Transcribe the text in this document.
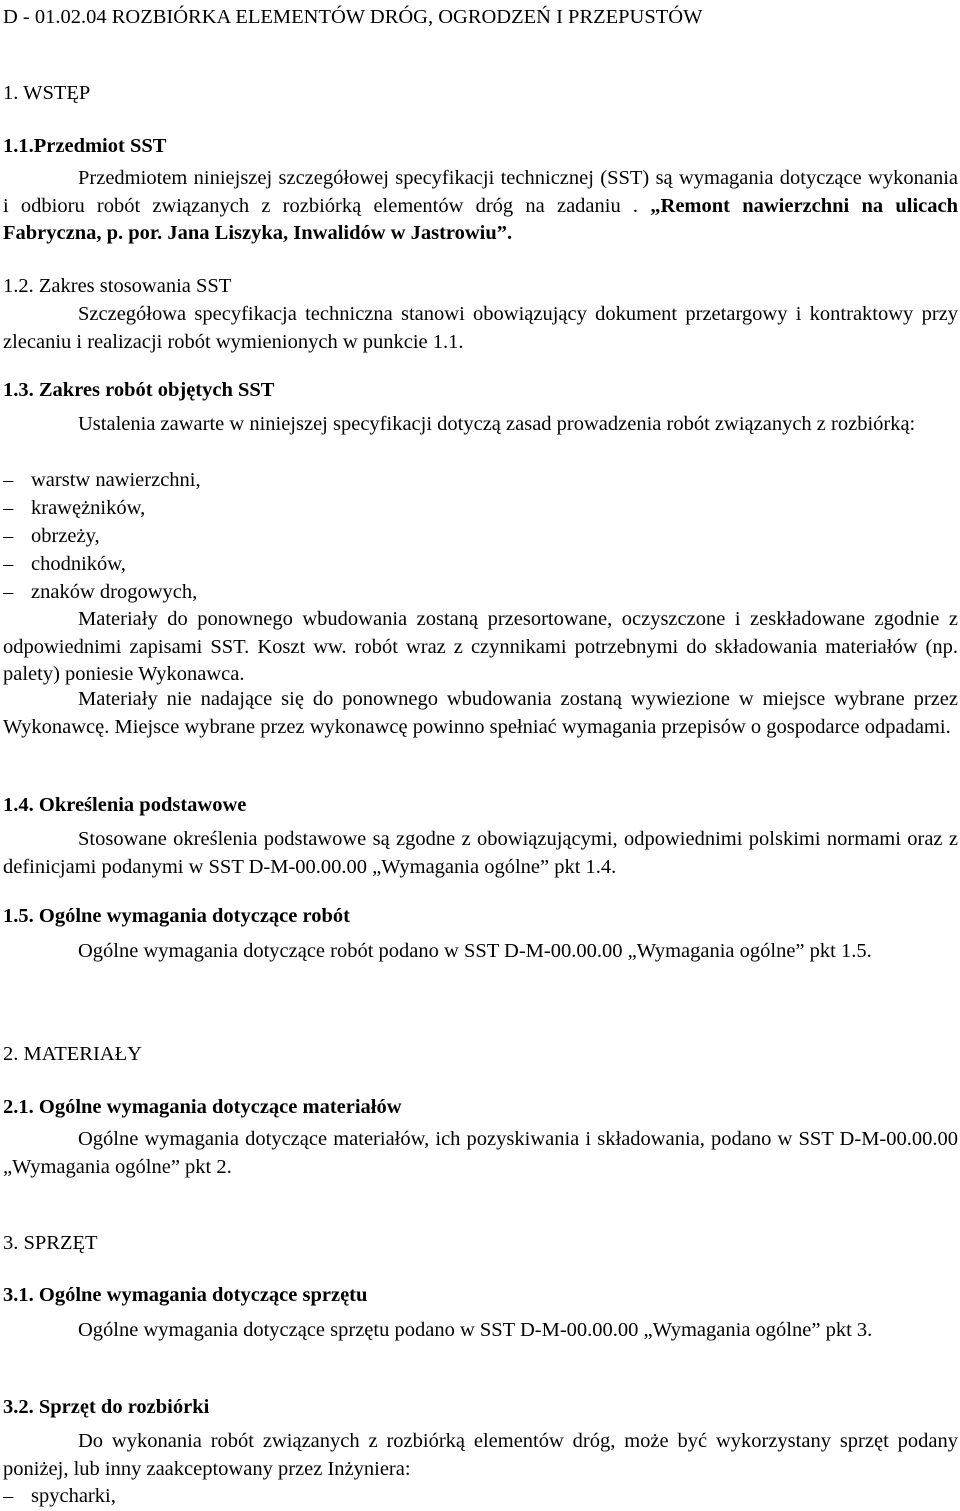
D - 01.02.04 ROZBIÓRKA ELEMENTÓW DRÓG, OGRODZEŃ I PRZEPUSTÓW
1. WSTĘP
1.1.Przedmiot SST
Przedmiotem niniejszej szczegółowej specyfikacji technicznej (SST) są wymagania dotyczące wykonania i odbioru robót związanych z rozbiórką elementów dróg na zadaniu . „Remont nawierzchni na ulicach Fabryczna, p. por. Jana Liszyka, Inwalidów w Jastrowiu”.
1.2. Zakres stosowania SST
Szczegółowa specyfikacja techniczna stanowi obowiązujący dokument przetargowy i kontraktowy przy zlecaniu i realizacji robót wymienionych w punkcie 1.1.
1.3. Zakres robót objętych SST
Ustalenia zawarte w niniejszej specyfikacji dotyczą zasad prowadzenia robót związanych z rozbiórką:
– warstw nawierzchni,
– krawężników,
– obrzeży,
– chodników,
– znaków drogowych,
Materiały do ponownego wbudowania zostaną przesortowane, oczyszczone i zeskładowane zgodnie z odpowiednimi zapisami SST. Koszt ww. robót wraz z czynnikami potrzebnymi do składowania materiałów (np. palety) poniesie Wykonawca.
Materiały nie nadające się do ponownego wbudowania zostaną wywiezione w miejsce wybrane przez Wykonawcę. Miejsce wybrane przez wykonawcę powinno spełniać wymagania przepisów o gospodarce odpadami.
1.4. Określenia podstawowe
Stosowane określenia podstawowe są zgodne z obowiązującymi, odpowiednimi polskimi normami oraz z definicjami podanymi w SST D-M-00.00.00 „Wymagania ogólne” pkt 1.4.
1.5. Ogólne wymagania dotyczące robót
Ogólne wymagania dotyczące robót podano w SST D-M-00.00.00 „Wymagania ogólne” pkt 1.5.
2. MATERIAŁY
2.1. Ogólne wymagania dotyczące materiałów
Ogólne wymagania dotyczące materiałów, ich pozyskiwania i składowania, podano w SST D-M-00.00.00 „Wymagania ogólne” pkt 2.
3. SPRZĘT
3.1. Ogólne wymagania dotyczące sprzętu
Ogólne wymagania dotyczące sprzętu podano w SST D-M-00.00.00 „Wymagania ogólne” pkt 3.
3.2. Sprzęt do rozbiórki
Do wykonania robót związanych z rozbiórką elementów dróg, może być wykorzystany sprzęt podany poniżej, lub inny zaakceptowany przez Inżyniera:
– spycharki,
